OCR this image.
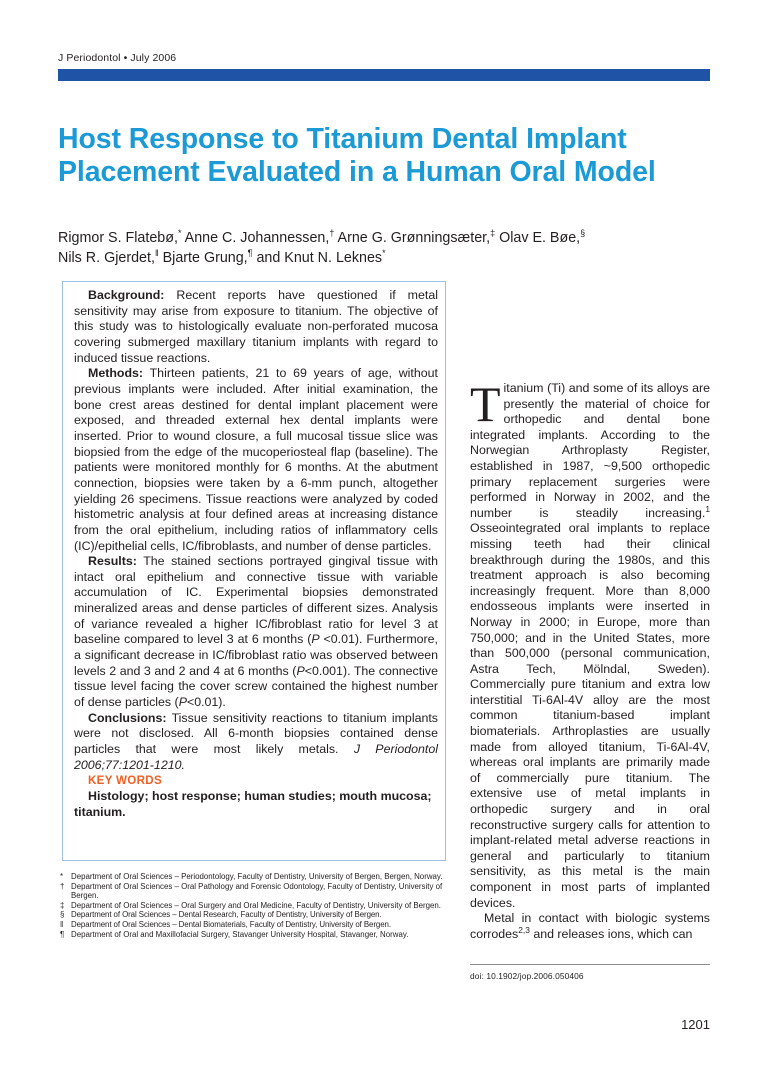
J Periodontol • July 2006
Host Response to Titanium Dental Implant Placement Evaluated in a Human Oral Model
Rigmor S. Flatebø,* Anne C. Johannessen,† Arne G. Grønningsæter,‡ Olav E. Bøe,§
Nils R. Gjerdet,‖ Bjarte Grung,¶ and Knut N. Leknes*

Background: Recent reports have questioned if metal sensitivity may arise from exposure to titanium. The objective of this study was to histologically evaluate non-perforated mucosa covering submerged maxillary titanium implants with regard to induced tissue reactions.

Methods: Thirteen patients, 21 to 69 years of age, without previous implants were included. After initial examination, the bone crest areas destined for dental implant placement were exposed, and threaded external hex dental implants were inserted. Prior to wound closure, a full mucosal tissue slice was biopsied from the edge of the mucoperiosteal flap (baseline). The patients were monitored monthly for 6 months. At the abutment connection, biopsies were taken by a 6-mm punch, altogether yielding 26 specimens. Tissue reactions were analyzed by coded histometric analysis at four defined areas at increasing distance from the oral epithelium, including ratios of inflammatory cells (IC)/epithelial cells, IC/fibroblasts, and number of dense particles.

Results: The stained sections portrayed gingival tissue with intact oral epithelium and connective tissue with variable accumulation of IC. Experimental biopsies demonstrated mineralized areas and dense particles of different sizes. Analysis of variance revealed a higher IC/fibroblast ratio for level 3 at baseline compared to level 3 at 6 months (P <0.01). Furthermore, a significant decrease in IC/fibroblast ratio was observed between levels 2 and 3 and 2 and 4 at 6 months (P<0.001). The connective tissue level facing the cover screw contained the highest number of dense particles (P<0.01).

Conclusions: Tissue sensitivity reactions to titanium implants were not disclosed. All 6-month biopsies contained dense particles that were most likely metals. J Periodontol 2006;77:1201-1210.

KEY WORDS

Histology; host response; human studies; mouth mucosa; titanium.

*	Department of Oral Sciences – Periodontology, Faculty of Dentistry, University of Bergen, Bergen, Norway.
† Department of Oral Sciences – Oral Pathology and Forensic Odontology, Faculty of Dentistry, University of Bergen.
‡ Department of Oral Sciences – Oral Surgery and Oral Medicine, Faculty of Dentistry, University of Bergen.
§ Department of Oral Sciences – Dental Research, Faculty of Dentistry, University of Bergen.
‖ Department of Oral Sciences – Dental Biomaterials, Faculty of Dentistry, University of Bergen.
¶ Department of Oral and Maxillofacial Surgery, Stavanger University Hospital, Stavanger, Norway.

Titanium (Ti) and some of its alloys are presently the material of choice for orthopedic and dental bone integrated implants. According to the Norwegian Arthroplasty Register, established in 1987, ~9,500 orthopedic primary replacement surgeries were performed in Norway in 2002, and the number is steadily increasing.$^1$ Osseointegrated oral implants to replace missing teeth had their clinical breakthrough during the 1980s, and this treatment approach is also becoming increasingly frequent. More than 8,000 endosseous implants were inserted in Norway in 2000; in Europe, more than 750,000; and in the United States, more than 500,000 (personal communication, Astra Tech, Mölndal, Sweden). Commercially pure titanium and extra low interstitial Ti-6Al-4V alloy are the most common titanium-based implant biomaterials. Arthroplasties are usually made from alloyed titanium, Ti-6Al-4V, whereas oral implants are primarily made of commercially pure titanium. The extensive use of metal implants in orthopedic surgery and in oral reconstructive surgery calls for attention to implant-related metal adverse reactions in general and particularly to titanium sensitivity, as this metal is the main component in most parts of implanted devices.

Metal in contact with biologic systems corrodes$^{2,3}$ and releases ions, which can

doi: 10.1902/jop.2006.050406
1201
